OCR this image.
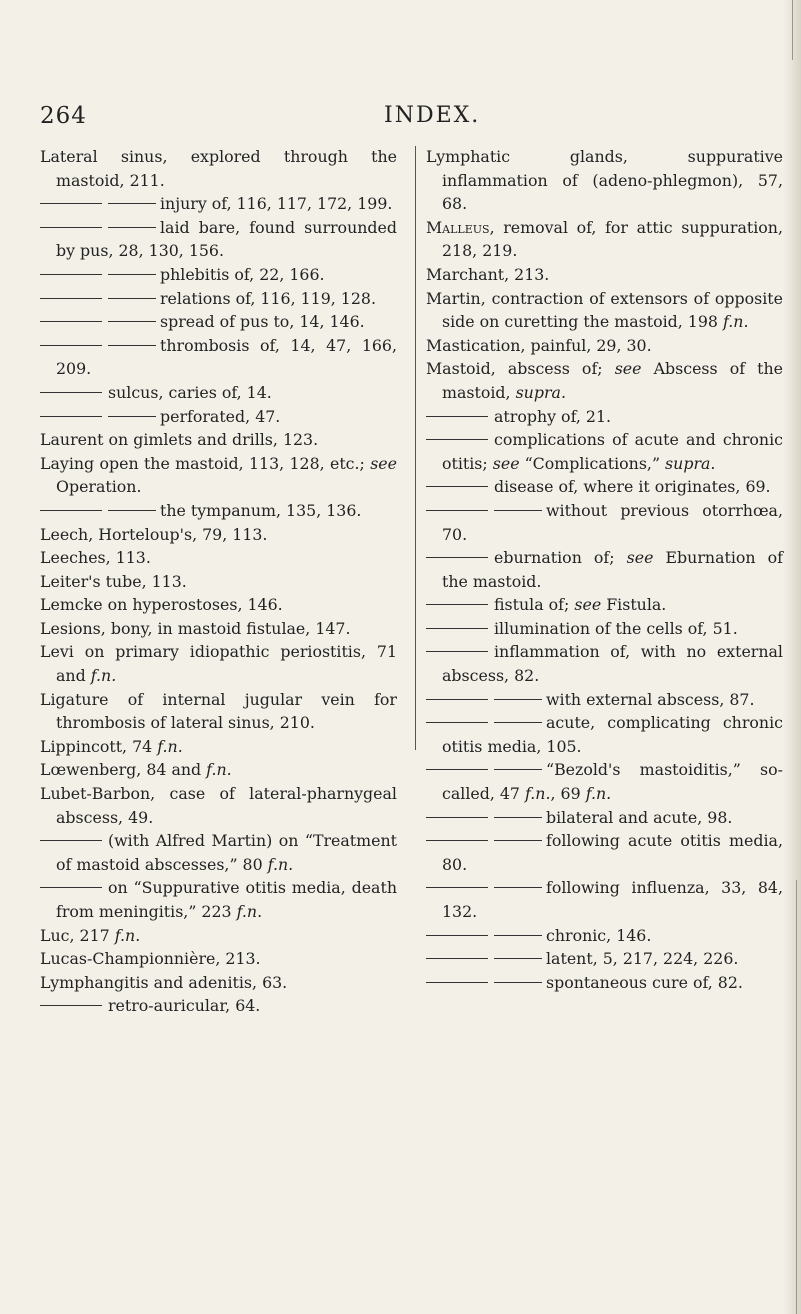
264	INDEX.

Lateral sinus, explored through the mastoid, 211.

injury of, 116, 117, 172, 199.

laid bare, found surrounded by pus, 28, 130, 156.

phlebitis of, 22, 166.

relations of, 116, 119, 128.

spread of pus to, 14, 146.

thrombosis of, 14, 47, 166, 209.

sulcus, caries of, 14.

perforated, 47.

Laurent on gimlets and drills, 123.

Laying open the mastoid, 113, 128, etc.; see Operation.

the tympanum, 135, 136.

Leech, Horteloup's, 79, 113.

Leeches, 113.

Leiter's tube, 113.

Lemcke on hyperostoses, 146.

Lesions, bony, in mastoid fistulae, 147.

Levi on primary idiopathic periostitis, 71 and f.n.

Ligature of internal jugular vein for thrombosis of lateral sinus, 210.

Lippincott, 74 f.n.

Lœwenberg, 84 and f.n.

Lubet-Barbon, case of lateral-pharnygeal abscess, 49.

(with Alfred Martin) on “Treatment of mastoid abscesses,” 80 f.n.

on “Suppurative otitis media, death from meningitis,” 223 f.n.

Luc, 217 f.n.

Lucas-Championnière, 213.

Lymphangitis and adenitis, 63.

retro-auricular, 64.

Lymphatic glands, suppurative inflammation of (adeno-phlegmon), 57, 68.

Malleus, removal of, for attic suppuration, 218, 219.

Marchant, 213.

Martin, contraction of extensors of opposite side on curetting the mastoid, 198 f.n.

Mastication, painful, 29, 30.

Mastoid, abscess of; see Abscess of the mastoid, supra.

atrophy of, 21.

complications of acute and chronic otitis; see “Complications,” supra.

disease of, where it originates, 69.

without previous otorrhœa, 70.

eburnation of; see Eburnation of the mastoid.

fistula of; see Fistula.

illumination of the cells of, 51.

inflammation of, with no external abscess, 82.

with external abscess, 87.

acute, complicating chronic otitis media, 105.

“Bezold's mastoiditis,” so-called, 47 f.n., 69 f.n.

bilateral and acute, 98.

following acute otitis media, 80.

following influenza, 33, 84, 132.

chronic, 146.

latent, 5, 217, 224, 226.

spontaneous cure of, 82.
